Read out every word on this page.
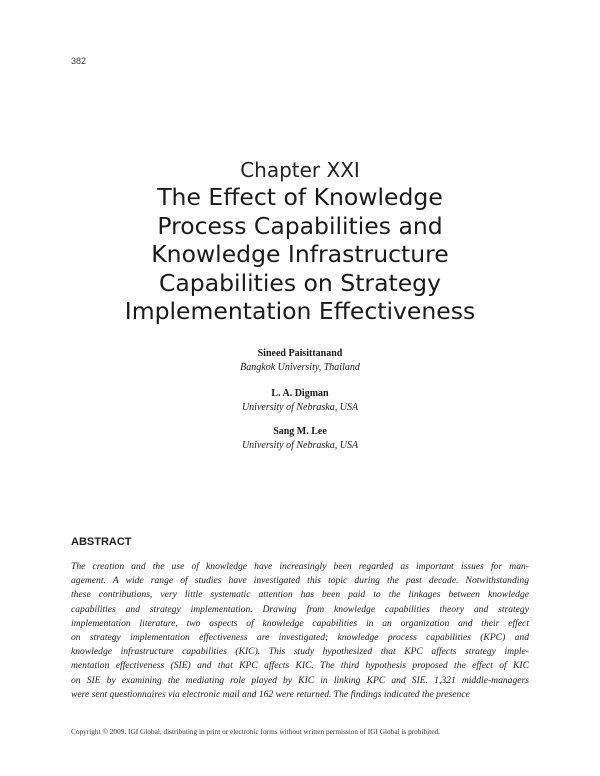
382
Chapter XXI
The Effect of Knowledge
Process Capabilities and
Knowledge Infrastructure
Capabilities on Strategy
Implementation Effectiveness
Sineed Paisittanand
Bangkok University, Thailand
L. A. Digman
University of Nebraska, USA
Sang M. Lee
University of Nebraska, USA
ABSTRACT
The creation and the use of knowledge have increasingly been regarded as important issues for man-
agement. A wide range of studies have investigated this topic during the past decade. Notwithstanding
these contributions, very little systematic attention has been paid to the linkages between knowledge
capabilities and strategy implementation. Drawing from knowledge capabilities theory and strategy
implementation literature, two aspects of knowledge capabilities in an organization and their effect
on strategy implementation effectiveness are investigated; knowledge process capabilities (KPC) and
knowledge infrastructure capabilities (KIC). This study hypothesized that KPC affects strategy imple-
mentation effectiveness (SIE) and that KPC affects KIC. The third hypothesis proposed the effect of KIC
on SIE by examining the mediating role played by KIC in linking KPC and SIE. 1,321 middle-managers
were sent questionnaires via electronic mail and 162 were returned. The findings indicated the presence
Copyright © 2009, IGI Global, distributing in print or electronic forms without written permission of IGI Global is prohibited.
